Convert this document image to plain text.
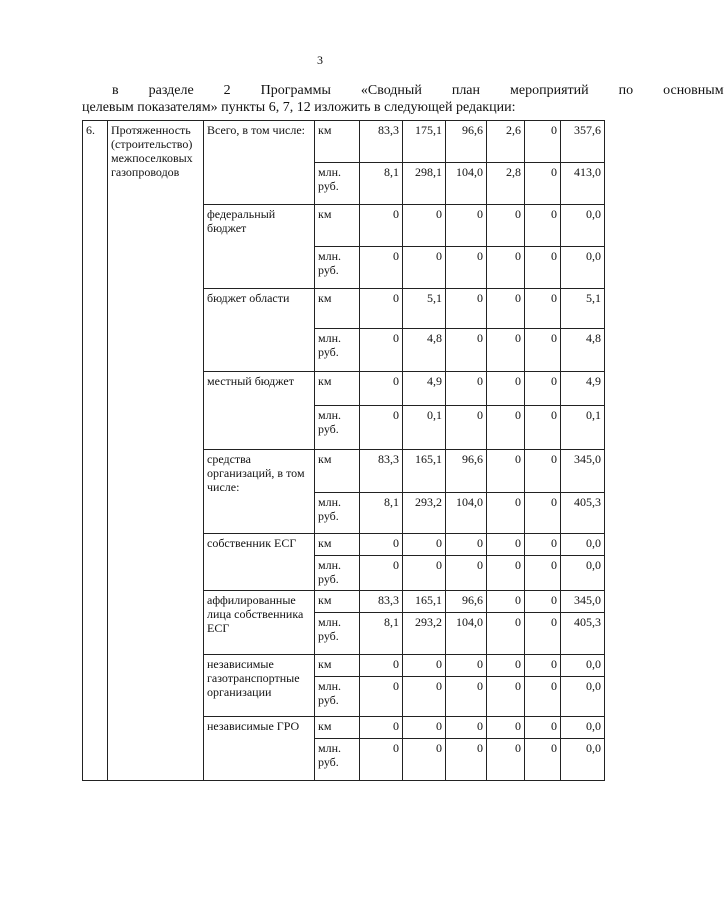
3
в	разделе	2	Программы	«Сводный	план	мероприятий	по	основным
целевым показателям» пункты 6, 7, 12 изложить в следующей редакции:
6.	Протяженность (строительство) межпоселковых газопроводов	Всего, в том числе:	км	83,3	175,1	96,6	2,6	0	357,6
			млн. руб.	8,1	298,1	104,0	2,8	0	413,0
		федеральный бюджет	км	0	0	0	0	0	0,0
			млн. руб.	0	0	0	0	0	0,0
		бюджет области	км	0	5,1	0	0	0	5,1
			млн. руб.	0	4,8	0	0	0	4,8
		местный бюджет	км	0	4,9	0	0	0	4,9
			млн. руб.	0	0,1	0	0	0	0,1
		средства организаций, в том числе:	км	83,3	165,1	96,6	0	0	345,0
			млн. руб.	8,1	293,2	104,0	0	0	405,3
		собственник ЕСГ	км	0	0	0	0	0	0,0
			млн. руб.	0	0	0	0	0	0,0
		аффилированные лица собственника ЕСГ	км	83,3	165,1	96,6	0	0	345,0
			млн. руб.	8,1	293,2	104,0	0	0	405,3
		независимые газотранспортные организации	км	0	0	0	0	0	0,0
			млн. руб.	0	0	0	0	0	0,0
		независимые ГРО	км	0	0	0	0	0	0,0
			млн. руб.	0	0	0	0	0	0,0
